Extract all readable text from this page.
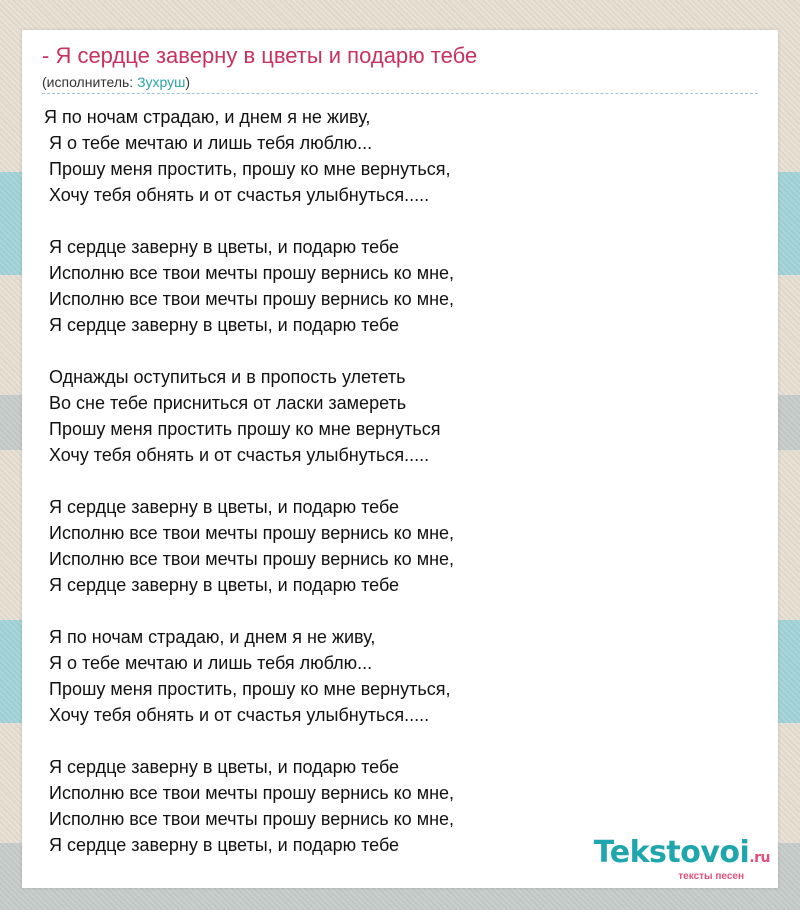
- Я сердце заверну в цветы и подарю тебе
(исполнитель: Зухруш)
Я по ночам страдаю, и днем я не живу,
Я о тебе мечтаю и лишь тебя люблю...
Прошу меня простить, прошу ко мне вернуться,
Хочу тебя обнять и от счастья улыбнуться.....
Я сердце заверну в цветы, и подарю тебе
Исполню все твои мечты прошу вернись ко мне,
Исполню все твои мечты прошу вернись ко мне,
Я сердце заверну в цветы, и подарю тебе
Однажды оступиться и в пропость улететь
Во сне тебе присниться от ласки замереть
Прошу меня простить прошу ко мне вернуться
Хочу тебя обнять и от счастья улыбнуться.....
Я сердце заверну в цветы, и подарю тебе
Исполню все твои мечты прошу вернись ко мне,
Исполню все твои мечты прошу вернись ко мне,
Я сердце заверну в цветы, и подарю тебе
Я по ночам страдаю, и днем я не живу,
Я о тебе мечтаю и лишь тебя люблю...
Прошу меня простить, прошу ко мне вернуться,
Хочу тебя обнять и от счастья улыбнуться.....
Я сердце заверну в цветы, и подарю тебе
Исполню все твои мечты прошу вернись ко мне,
Исполню все твои мечты прошу вернись ко мне,
Я сердце заверну в цветы, и подарю тебе	Tekstovoi.ru
тексты песен
